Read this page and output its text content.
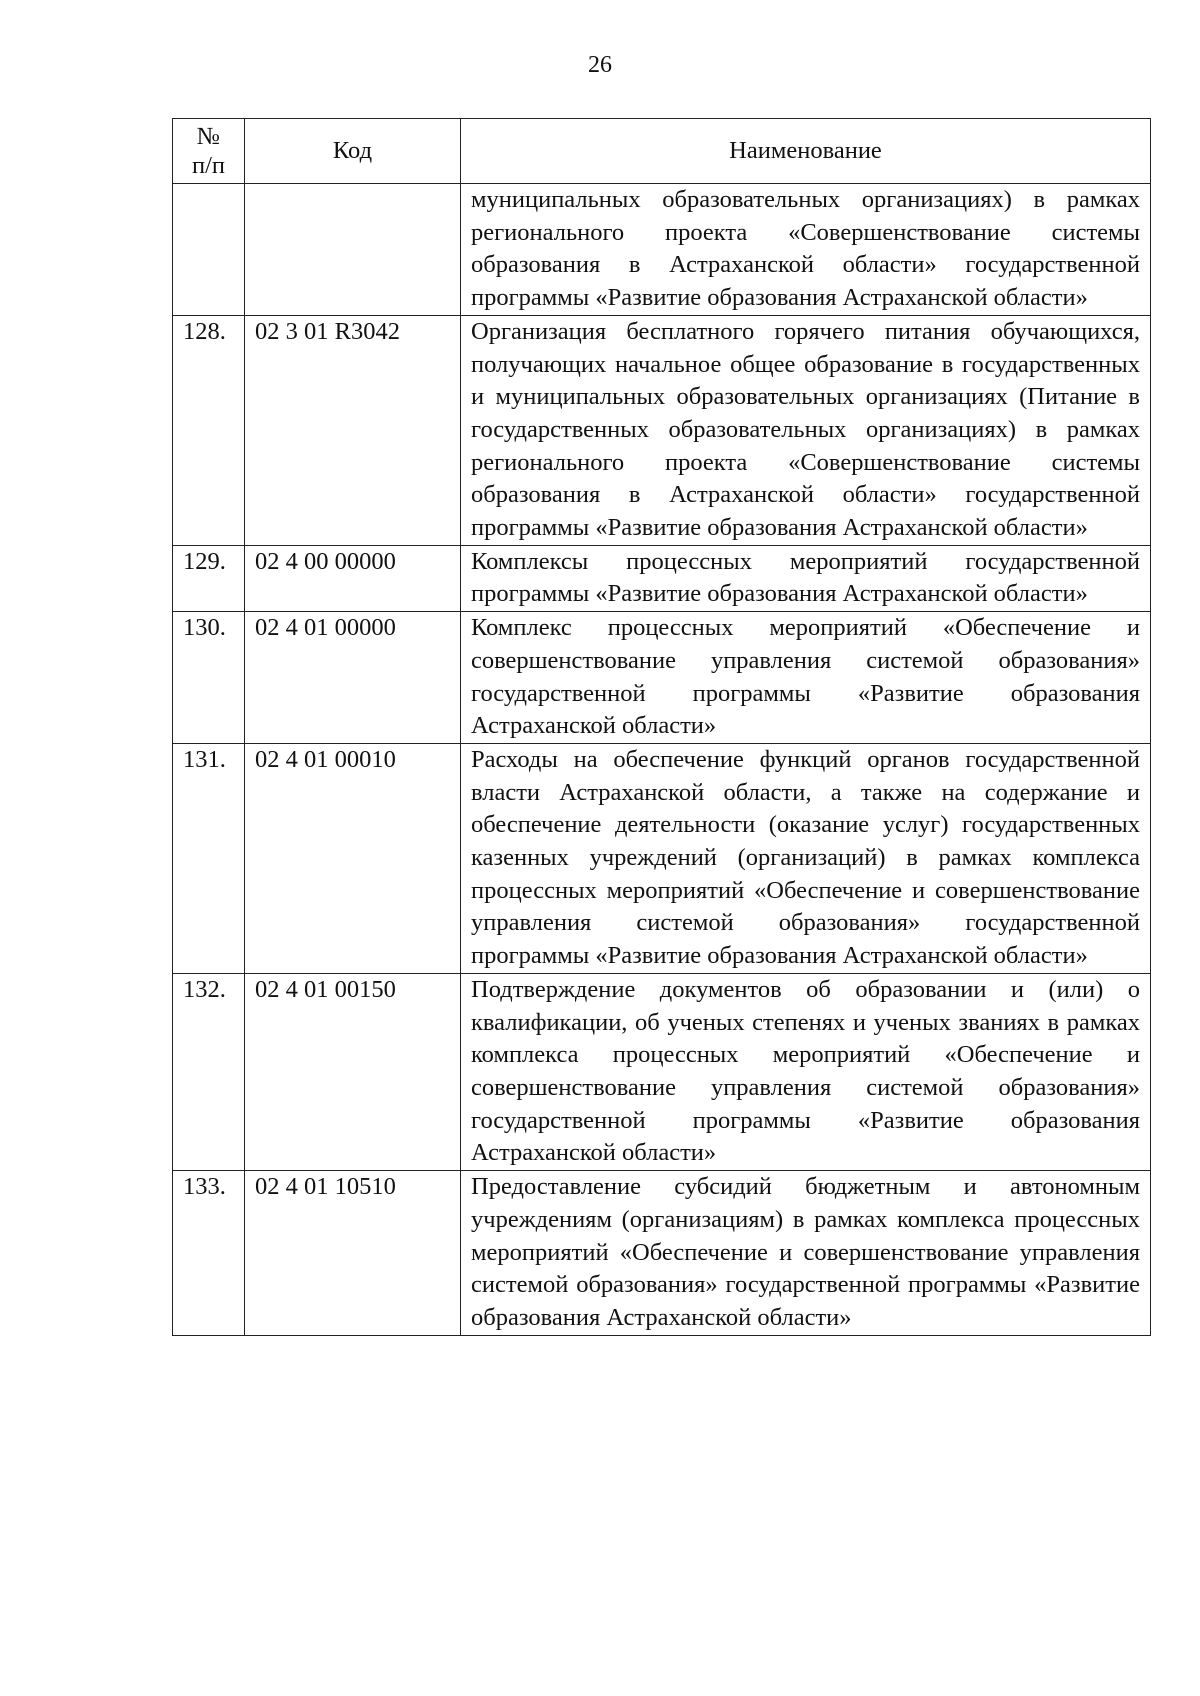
26
№
п/п	Код	Наименование
		муниципальных образовательных организациях) в рамках регионального проекта «Совершенствование системы образования в Астраханской области» государственной программы «Развитие образования Астраханской области»
128.	02 3 01 R3042	Организация бесплатного горячего питания обучающихся, получающих начальное общее образование в государственных и муниципальных образовательных организациях (Питание в государственных образовательных организациях) в рамках регионального проекта «Совершенствование системы образования в Астраханской области» государственной программы «Развитие образования Астраханской области»
129.	02 4 00 00000	Комплексы процессных мероприятий государственной программы «Развитие образования Астраханской области»
130.	02 4 01 00000	Комплекс процессных мероприятий «Обеспечение и совершенствование управления системой образования» государственной программы «Развитие образования Астраханской области»
131.	02 4 01 00010	Расходы на обеспечение функций органов государственной власти Астраханской области, а также на содержание и обеспечение деятельности (оказание услуг) государственных казенных учреждений (организаций) в рамках комплекса процессных мероприятий «Обеспечение и совершенствование управления системой образования» государственной программы «Развитие образования Астраханской области»
132.	02 4 01 00150	Подтверждение документов об образовании и (или) о квалификации, об ученых степенях и ученых званиях в рамках комплекса процессных мероприятий «Обеспечение и совершенствование управления системой образования» государственной программы «Развитие образования Астраханской области»
133.	02 4 01 10510	Предоставление субсидий бюджетным и автономным учреждениям (организациям) в рамках комплекса процессных мероприятий «Обеспечение и совершенствование управления системой образования» государственной программы «Развитие образования Астраханской области»
